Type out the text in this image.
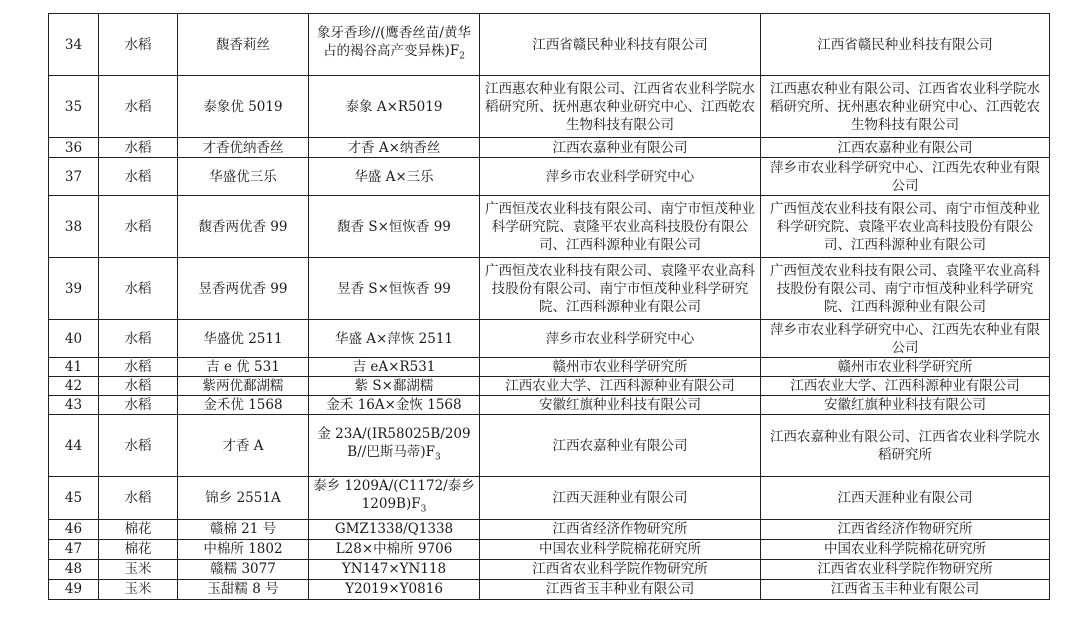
34	水稻	馥香莉丝	象牙香珍//(鹰香丝苗/黄华占的褐谷高产变异株)$F_2$	江西省赣民种业科技有限公司	江西省赣民种业科技有限公司
35	水稻	泰象优 5019	泰象 A×R5019	江西惠农种业有限公司、江西省农业科学院水稻研究所、抚州惠农种业研究中心、江西乾农生物科技有限公司	江西惠农种业有限公司、江西省农业科学院水稻研究所、抚州惠农种业研究中心、江西乾农生物科技有限公司
36	水稻	才香优纳香丝	才香 A×纳香丝	江西农嘉种业有限公司	江西农嘉种业有限公司
37	水稻	华盛优三乐	华盛 A×三乐	萍乡市农业科学研究中心	萍乡市农业科学研究中心、江西先农种业有限公司
38	水稻	馥香两优香 99	馥香 S×恒恢香 99	广西恒茂农业科技有限公司、南宁市恒茂种业科学研究院、袁隆平农业高科技股份有限公司、江西科源种业有限公司	广西恒茂农业科技有限公司、南宁市恒茂种业科学研究院、袁隆平农业高科技股份有限公司、江西科源种业有限公司
39	水稻	昱香两优香 99	昱香 S×恒恢香 99	广西恒茂农业科技有限公司、袁隆平农业高科技股份有限公司、南宁市恒茂种业科学研究院、江西科源种业有限公司	广西恒茂农业科技有限公司、袁隆平农业高科技股份有限公司、南宁市恒茂种业科学研究院、江西科源种业有限公司
40	水稻	华盛优 2511	华盛 A×萍恢 2511	萍乡市农业科学研究中心	萍乡市农业科学研究中心、江西先农种业有限公司
41	水稻	吉 e 优 531	吉 eA×R531	赣州市农业科学研究所	赣州市农业科学研究所
42	水稻	紫两优鄱湖糯	紫 S×鄱湖糯	江西农业大学、江西科源种业有限公司	江西农业大学、江西科源种业有限公司
43	水稻	金禾优 1568	金禾 16A×金恢 1568	安徽红旗种业科技有限公司	安徽红旗种业科技有限公司
44	水稻	才香 A	金 23A/(IR58025B/209B//巴斯马蒂)$F_3$	江西农嘉种业有限公司	江西农嘉种业有限公司、江西省农业科学院水稻研究所
45	水稻	锦乡 2551A	泰乡 1209A/(C1172/泰乡 $1209B)F_3$	江西天涯种业有限公司	江西天涯种业有限公司
46	棉花	赣棉 21 号	GMZ1338/Q1338	江西省经济作物研究所	江西省经济作物研究所
47	棉花	中棉所 1802	L28×中棉所 9706	中国农业科学院棉花研究所	中国农业科学院棉花研究所
48	玉米	赣糯 3077	YN147×YN118	江西省农业科学院作物研究所	江西省农业科学院作物研究所
49	玉米	玉甜糯 8 号	Y2019×Y0816	江西省玉丰种业有限公司	江西省玉丰种业有限公司
